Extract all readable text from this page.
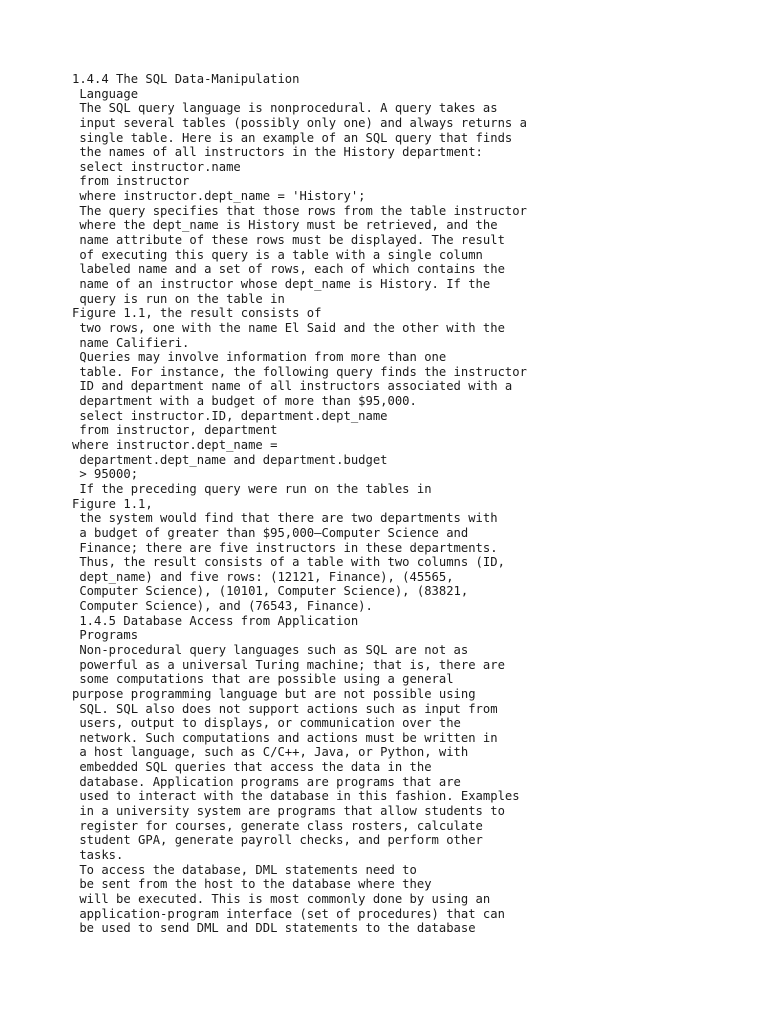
1.4.4 The SQL Data-Manipulation
Language
The SQL query language is nonprocedural. A query takes as
input several tables (possibly only one) and always returns a
single table. Here is an example of an SQL query that finds
the names of all instructors in the History department:
select instructor.name
from instructor
where instructor.dept_name = 'History';
The query specifies that those rows from the table instructor
where the dept_name is History must be retrieved, and the
name attribute of these rows must be displayed. The result
of executing this query is a table with a single column
labeled name and a set of rows, each of which contains the
name of an instructor whose dept_name is History. If the
query is run on the table in
Figure 1.1, the result consists of
two rows, one with the name El Said and the other with the
name Califieri.
Queries may involve information from more than one
table. For instance, the following query finds the instructor
ID and department name of all instructors associated with a
department with a budget of more than $95,000.
select instructor.ID, department.dept_name
from instructor, department
where instructor.dept_name =
department.dept_name and department.budget
> 95000;
If the preceding query were run on the tables in
Figure 1.1,
the system would find that there are two departments with
a budget of greater than $95,000—Computer Science and
Finance; there are five instructors in these departments.
Thus, the result consists of a table with two columns (ID,
dept_name) and five rows: (12121, Finance), (45565,
Computer Science), (10101, Computer Science), (83821,
Computer Science), and (76543, Finance).
1.4.5 Database Access from Application
Programs
Non-procedural query languages such as SQL are not as
powerful as a universal Turing machine; that is, there are
some computations that are possible using a general
purpose programming language but are not possible using
SQL. SQL also does not support actions such as input from
users, output to displays, or communication over the
network. Such computations and actions must be written in
a host language, such as C/C++, Java, or Python, with
embedded SQL queries that access the data in the
database. Application programs are programs that are
used to interact with the database in this fashion. Examples
in a university system are programs that allow students to
register for courses, generate class rosters, calculate
student GPA, generate payroll checks, and perform other
tasks.
To access the database, DML statements need to
be sent from the host to the database where they
will be executed. This is most commonly done by using an
application-program interface (set of procedures) that can
be used to send DML and DDL statements to the database
